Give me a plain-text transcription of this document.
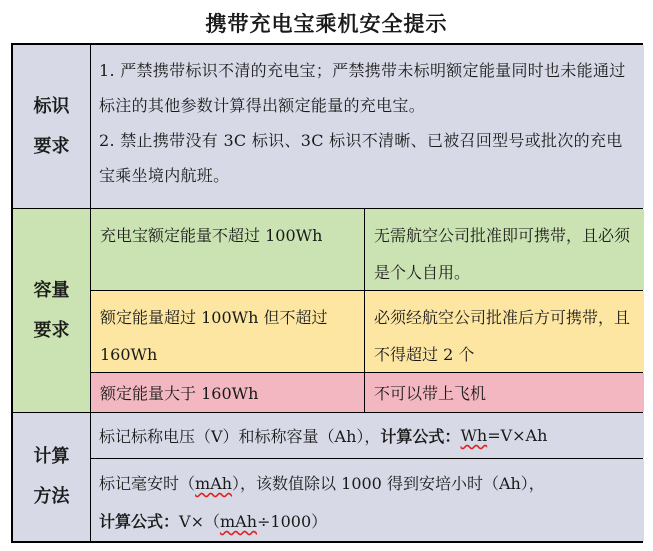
携带充电宝乘机安全提示
标识
要求
1. 严禁携带标识不清的充电宝；严禁携带未标明额定能量同时也未能通过标注的其他参数计算得出额定能量的充电宝。
2. 禁止携带没有 3C 标识、3C 标识不清晰、已被召回型号或批次的充电宝乘坐境内航班。
容量
要求
充电宝额定能量不超过 100Wh	无需航空公司批准即可携带，且必须是个人自用。
额定能量超过 100Wh 但不超过 160Wh
必须经航空公司批准后方可携带，且不得超过 2 个
额定能量大于 160Wh	不可以带上飞机
计算
方法
标记标称电压（V）和标称容量（Ah）， 计算公式： Wh =V×Ah
标记毫安时（mAh），该数值除以 1000 得到安培小时（Ah），
计算公式：V×（mAh÷1000）
